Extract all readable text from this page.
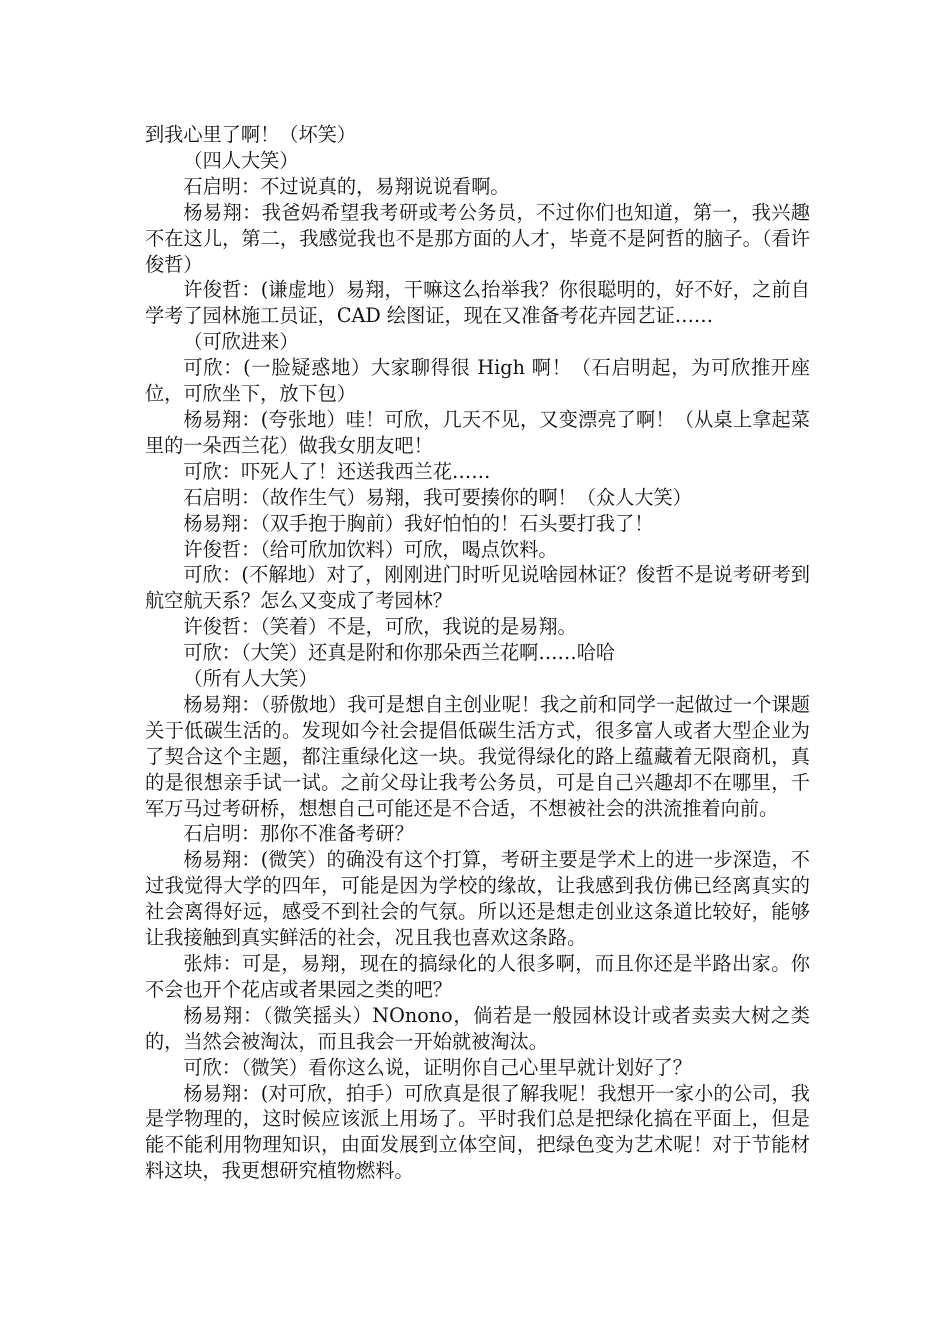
到我心里了啊！（坏笑）

（四人大笑）

石启明：不过说真的，易翔说说看啊。

杨易翔：我爸妈希望我考研或考公务员，不过你们也知道，第一，我兴趣不在这儿，第二，我感觉我也不是那方面的人才，毕竟不是阿哲的脑子。（看许俊哲）

许俊哲：(谦虚地）易翔，干嘛这么抬举我？你很聪明的，好不好，之前自学考了园林施工员证，CAD 绘图证，现在又准备考花卉园艺证……

（可欣进来）

可欣：(一脸疑惑地）大家聊得很 High 啊！（石启明起，为可欣推开座位，可欣坐下，放下包）

杨易翔：(夸张地）哇！可欣，几天不见，又变漂亮了啊！（从桌上拿起菜里的一朵西兰花）做我女朋友吧！

可欣：吓死人了！还送我西兰花……

石启明：（故作生气）易翔，我可要揍你的啊！（众人大笑）

杨易翔：（双手抱于胸前）我好怕怕的！石头要打我了！

许俊哲：（给可欣加饮料）可欣，喝点饮料。

可欣：(不解地）对了，刚刚进门时听见说啥园林证？俊哲不是说考研考到航空航天系？怎么又变成了考园林？

许俊哲：（笑着）不是，可欣，我说的是易翔。

可欣：（大笑）还真是附和你那朵西兰花啊……哈哈

（所有人大笑）

杨易翔：（骄傲地）我可是想自主创业呢！我之前和同学一起做过一个课题关于低碳生活的。发现如今社会提倡低碳生活方式，很多富人或者大型企业为了契合这个主题，都注重绿化这一块。我觉得绿化的路上蕴藏着无限商机，真的是很想亲手试一试。之前父母让我考公务员，可是自己兴趣却不在哪里，千军万马过考研桥，想想自己可能还是不合适，不想被社会的洪流推着向前。

石启明：那你不准备考研？

杨易翔：(微笑）的确没有这个打算，考研主要是学术上的进一步深造，不过我觉得大学的四年，可能是因为学校的缘故，让我感到我仿佛已经离真实的社会离得好远，感受不到社会的气氛。所以还是想走创业这条道比较好，能够让我接触到真实鲜活的社会，况且我也喜欢这条路。

张炜：可是，易翔，现在的搞绿化的人很多啊，而且你还是半路出家。你不会也开个花店或者果园之类的吧？

杨易翔：（微笑摇头）NOnono，倘若是一般园林设计或者卖卖大树之类的，当然会被淘汰，而且我会一开始就被淘汰。

可欣：（微笑）看你这么说，证明你自己心里早就计划好了？

杨易翔：(对可欣，拍手）可欣真是很了解我呢！我想开一家小的公司，我是学物理的，这时候应该派上用场了。平时我们总是把绿化搞在平面上，但是能不能利用物理知识，由面发展到立体空间，把绿色变为艺术呢！对于节能材料这块，我更想研究植物燃料。
